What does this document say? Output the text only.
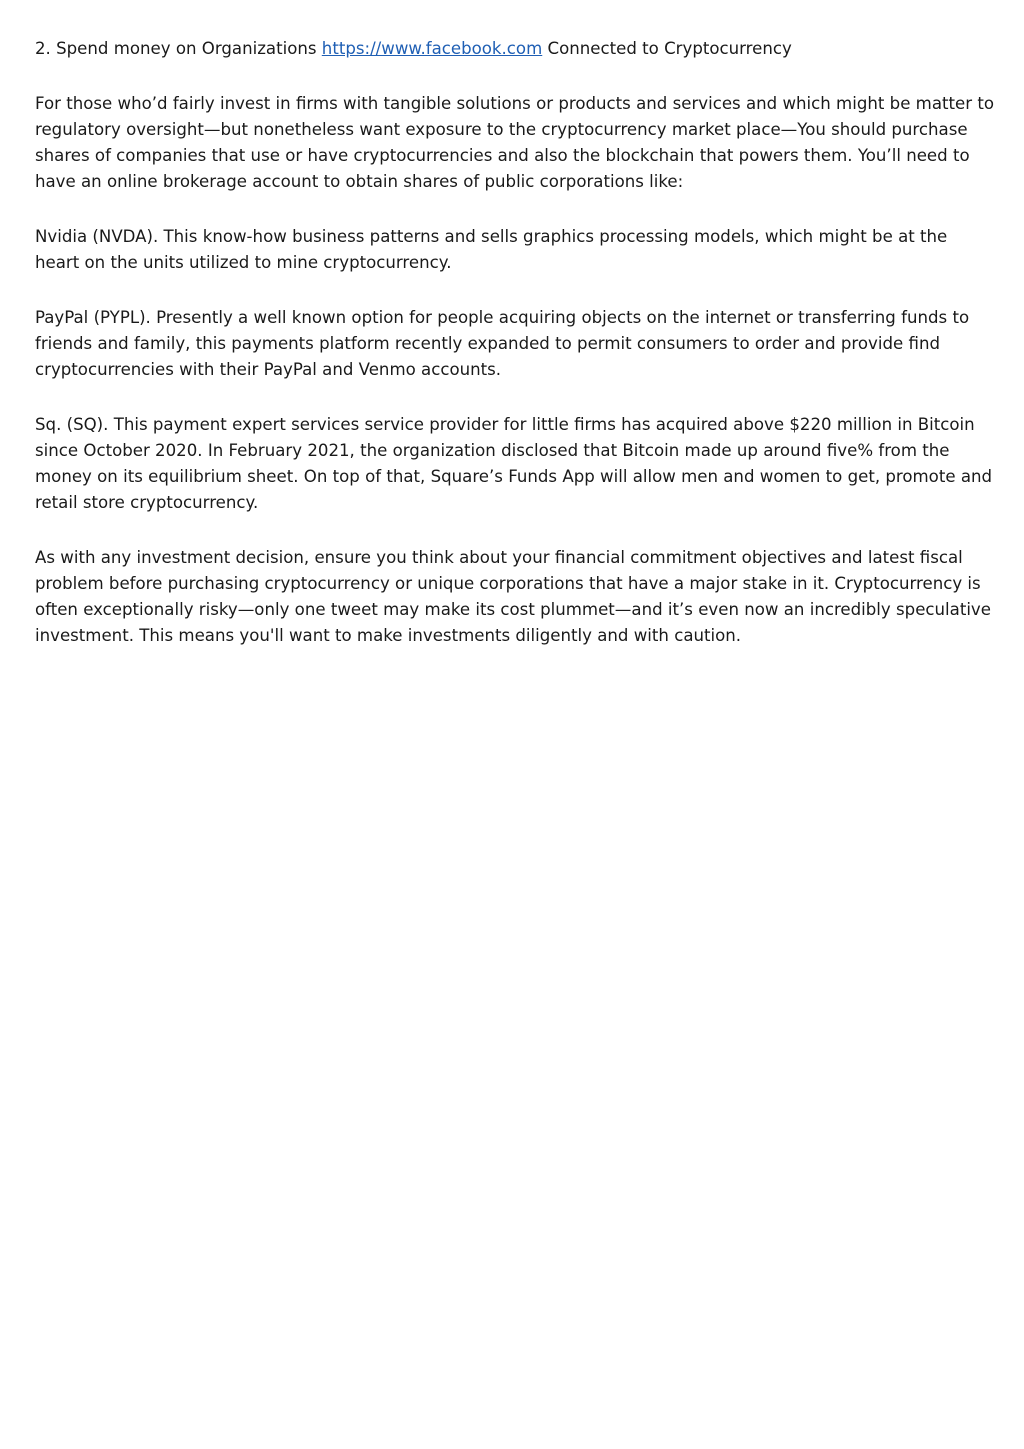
2. Spend money on Organizations https://www.facebook.com Connected to Cryptocurrency

For those who’d fairly invest in firms with tangible solutions or products and services and which might be matter to regulatory oversight—but nonetheless want exposure to the cryptocurrency market place—You should purchase shares of companies that use or have cryptocurrencies and also the blockchain that powers them. You’ll need to have an online brokerage account to obtain shares of public corporations like:

Nvidia (NVDA). This know-how business patterns and sells graphics processing models, which might be at the heart on the units utilized to mine cryptocurrency.

PayPal (PYPL). Presently a well known option for people acquiring objects on the internet or transferring funds to friends and family, this payments platform recently expanded to permit consumers to order and provide find cryptocurrencies with their PayPal and Venmo accounts.

Sq. (SQ). This payment expert services service provider for little firms has acquired above $220 million in Bitcoin since October 2020. In February 2021, the organization disclosed that Bitcoin made up around five% from the money on its equilibrium sheet. On top of that, Square’s Funds App will allow men and women to get, promote and retail store cryptocurrency.

As with any investment decision, ensure you think about your financial commitment objectives and latest fiscal problem before purchasing cryptocurrency or unique corporations that have a major stake in it. Cryptocurrency is often exceptionally risky—only one tweet may make its cost plummet—and it’s even now an incredibly speculative investment. This means you'll want to make investments diligently and with caution.
